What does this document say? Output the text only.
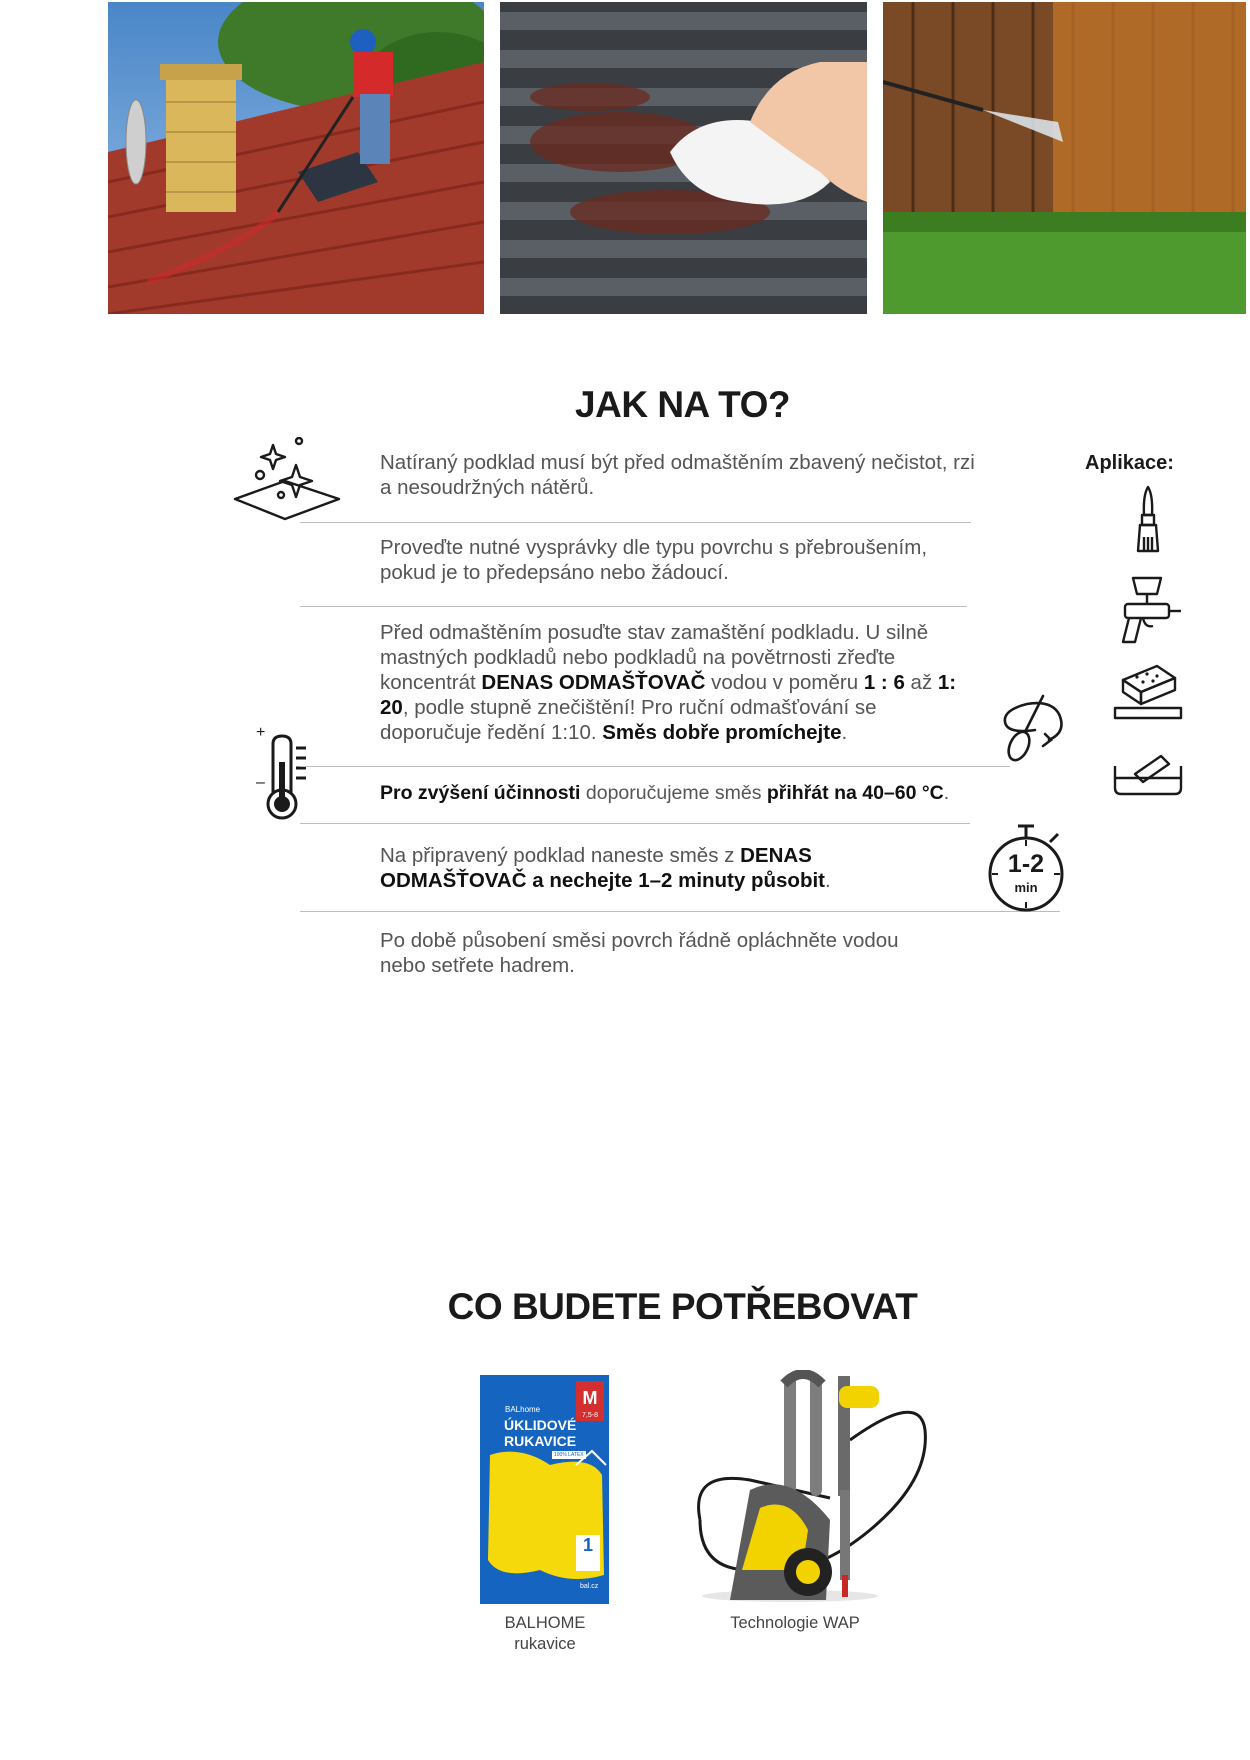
JAK NA TO?
+
–
Natíraný podklad musí být před odmaštěním zbavený nečistot, rzi a nesoudržných nátěrů.
Proveďte nutné vysprávky dle typu povrchu s přebroušením, pokud je to předepsáno nebo žádoucí.
Před odmaštěním posuďte stav zamaštění podkladu. U silně mastných podkladů nebo podkladů na povětrnosti zřeďte koncentrát DENAS ODMAŠŤOVAČ vodou v poměru 1 : 6 až 1: 20, podle stupně znečištění! Pro ruční odmašťování se doporučuje ředění 1:10. Směs dobře promíchejte.
Pro zvýšení účinnosti doporučujeme směs přihřát na 40–60 °C.
Na připravený podklad naneste směs z DENAS ODMAŠŤOVAČ a nechejte 1–2 minuty působit.
Po době působení směsi povrch řádně opláchněte vodou nebo setřete hadrem.
1-2
min
Aplikace:
CO BUDETE POTŘEBOVAT
BALhome
M
7,5-8
ÚKLIDOVÉ
RUKAVICE
100% LATEX
1
bal.cz
BALHOME rukavice
Technologie WAP
